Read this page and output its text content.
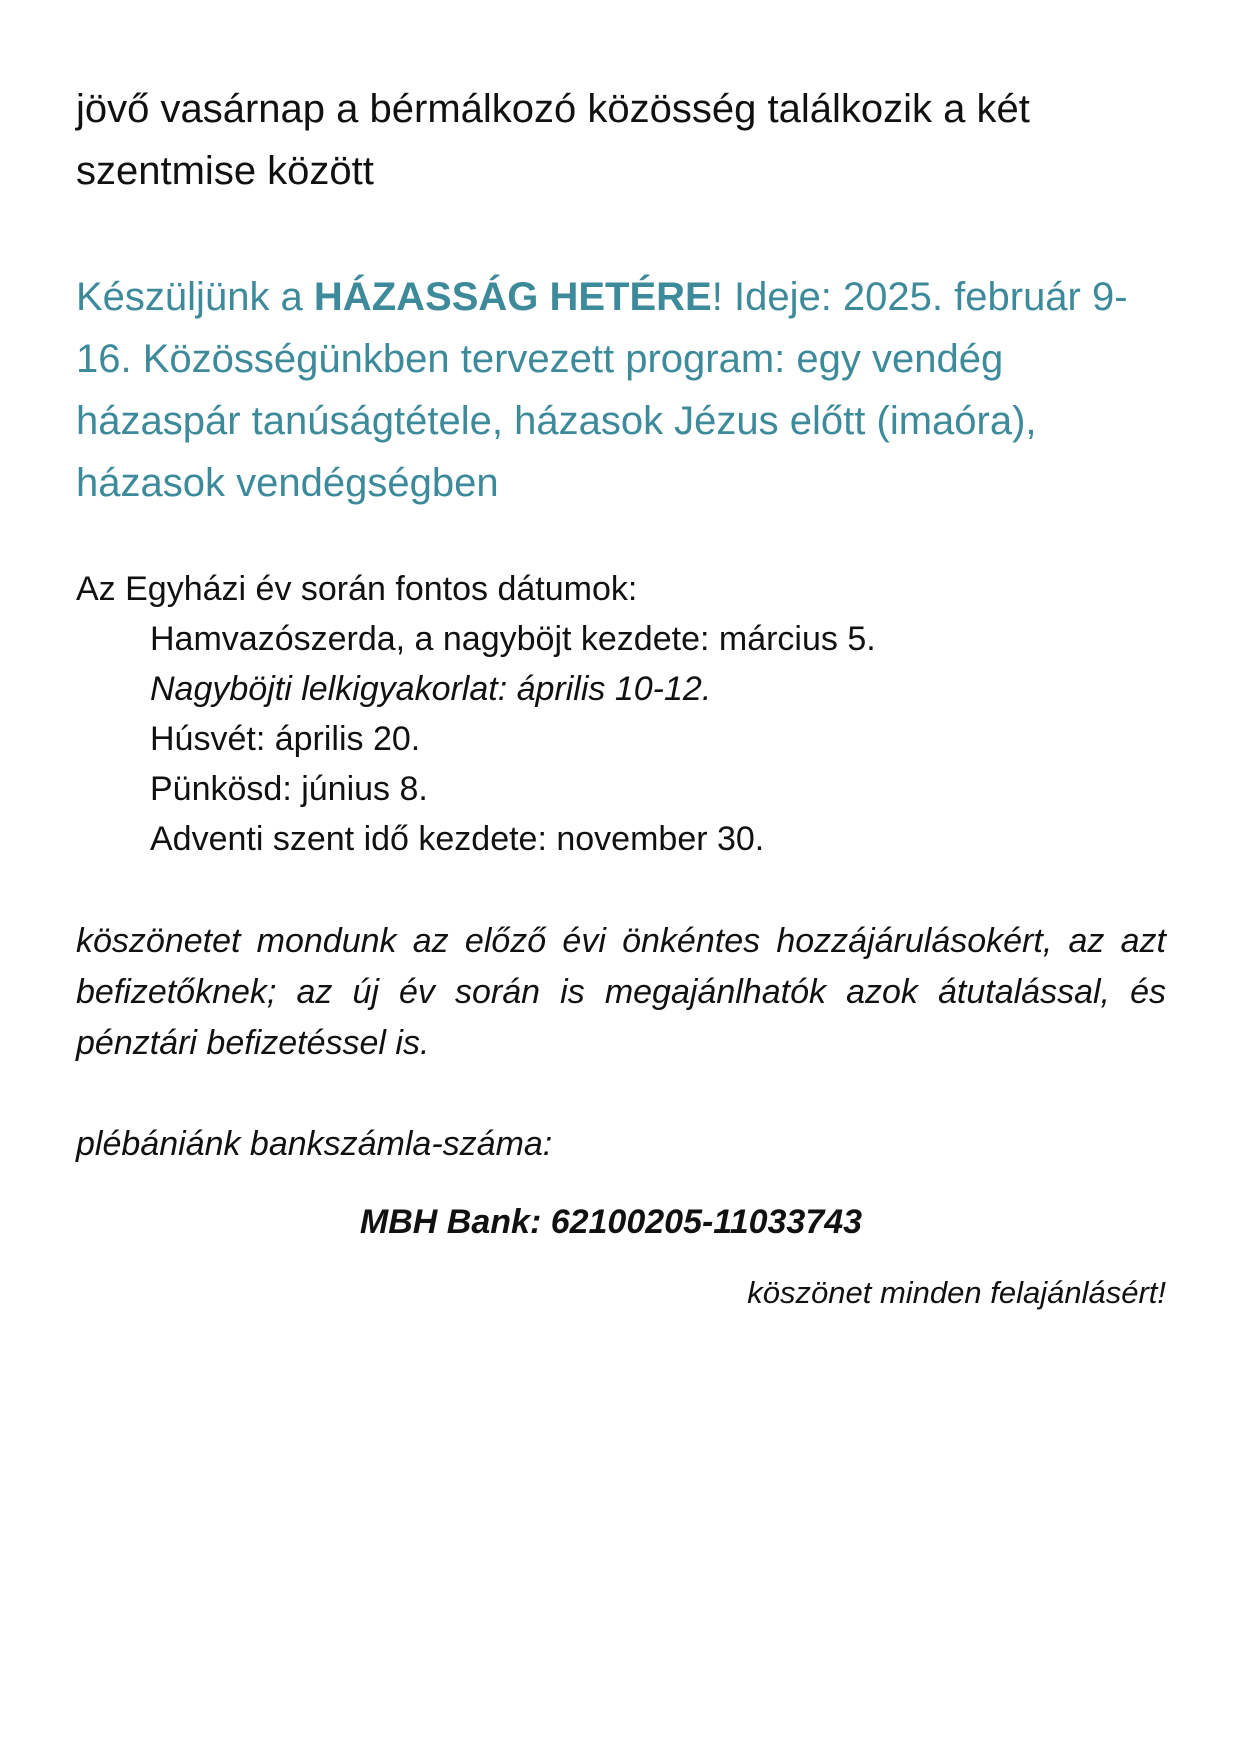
jövő vasárnap a bérmálkozó közösség találkozik a két szentmise között

Készüljünk a HÁZASSÁG HETÉRE! Ideje: 2025. február 9-16. Közösségünkben tervezett program: egy vendég házaspár tanúságtétele, házasok Jézus előtt (imaóra), házasok vendégségben

Az Egyházi év során fontos dátumok:
Hamvazószerda, a nagyböjt kezdete: március 5.
Nagyböjti lelkigyakorlat: április 10-12.
Húsvét: április 20.
Pünkösd: június 8.
Adventi szent idő kezdete: november 30.

köszönetet mondunk az előző évi önkéntes hozzájárulásokért, az azt befizetőknek; az új év során is megajánlhatók azok átutalással, és pénztári befizetéssel is.

plébániánk bankszámla-száma:

MBH Bank: 62100205-11033743

köszönet minden felajánlásért!
